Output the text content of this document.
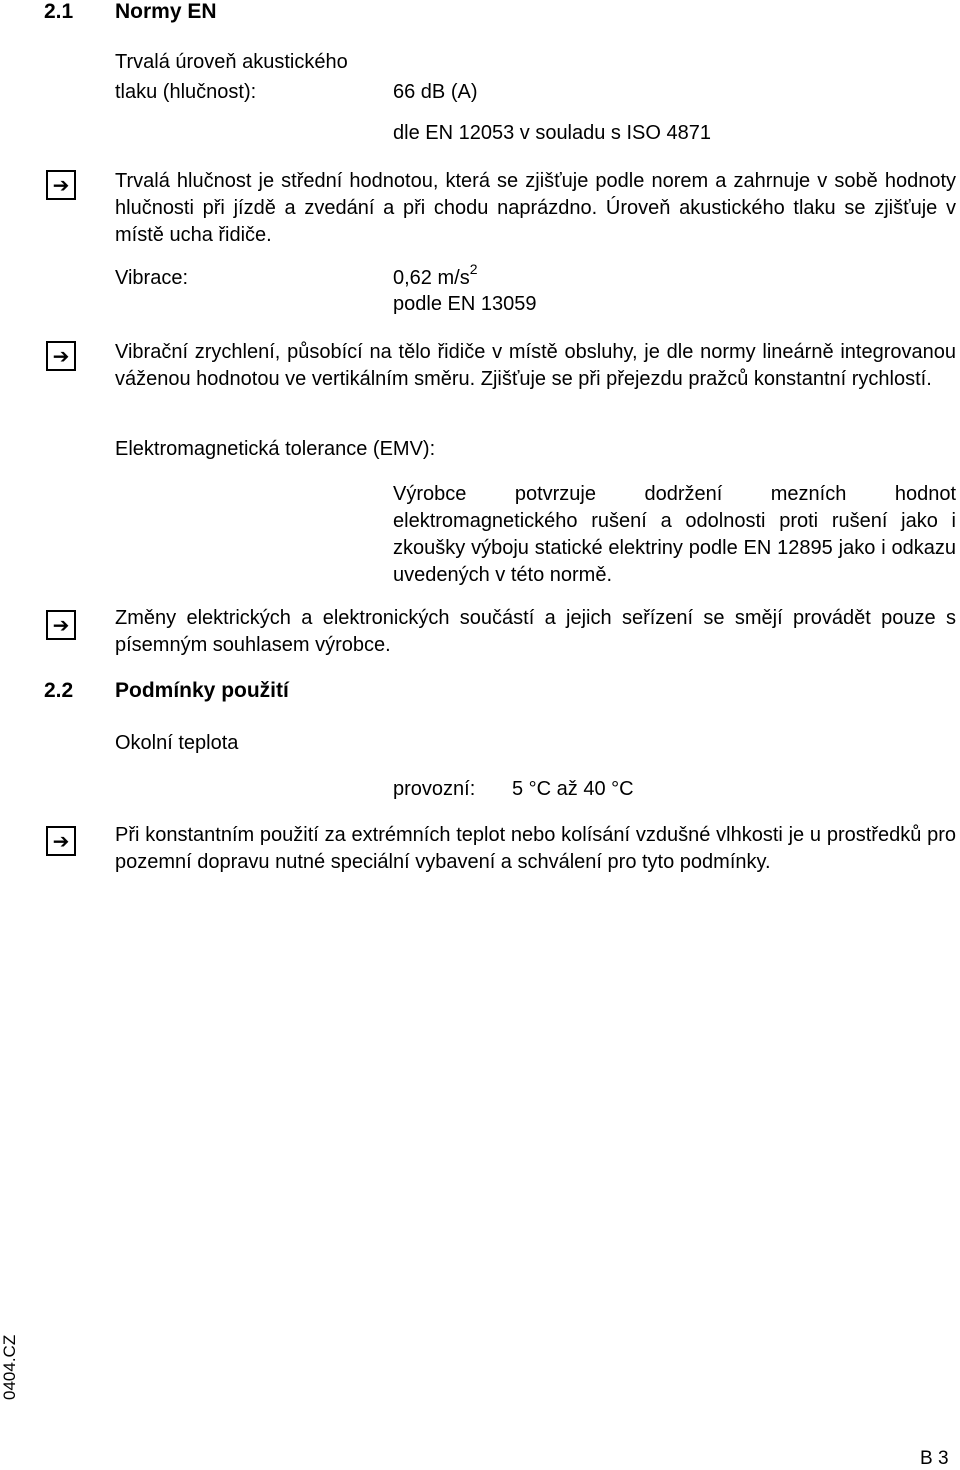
2.1 Normy EN
Trvalá úroveň akustického
tlaku (hlučnost):	66 dB (A)
dle EN 12053 v souladu s ISO 4871
➔	Trvalá hlučnost je střední hodnotou, která se zjišťuje podle norem a zahrnuje v sobě hodnoty hlučnosti při jízdě a zvedání a při chodu naprázdno. Úroveň akustického tlaku se zjišťuje v místě ucha řidiče.
Vibrace:	0,62 $m/s^2$
podle EN 13059
➔	Vibrační zrychlení, působící na tělo řidiče v místě obsluhy, je dle normy lineárně integrovanou váženou hodnotou ve vertikálním směru. Zjišťuje se při přejezdu pražců konstantní rychlostí.
Elektromagnetická tolerance (EMV):
Výrobce potvrzuje dodržení mezních hodnot elektromagnetického rušení a odolnosti proti rušení jako i zkoušky výboju statické elektriny podle EN 12895 jako i odkazu uvedených v této normě.
➔	Změny elektrických a elektronických součástí a jejich seřízení se smějí provádět pouze s písemným souhlasem výrobce.
2.2 Podmínky použití
Okolní teplota
provozní: 5 °C až 40 °C
➔	Při konstantním použití za extrémních teplot nebo kolísání vzdušné vlhkosti je u prostředků pro pozemní dopravu nutné speciální vybavení a schválení pro tyto podmínky.
0404.CZ
B 3
